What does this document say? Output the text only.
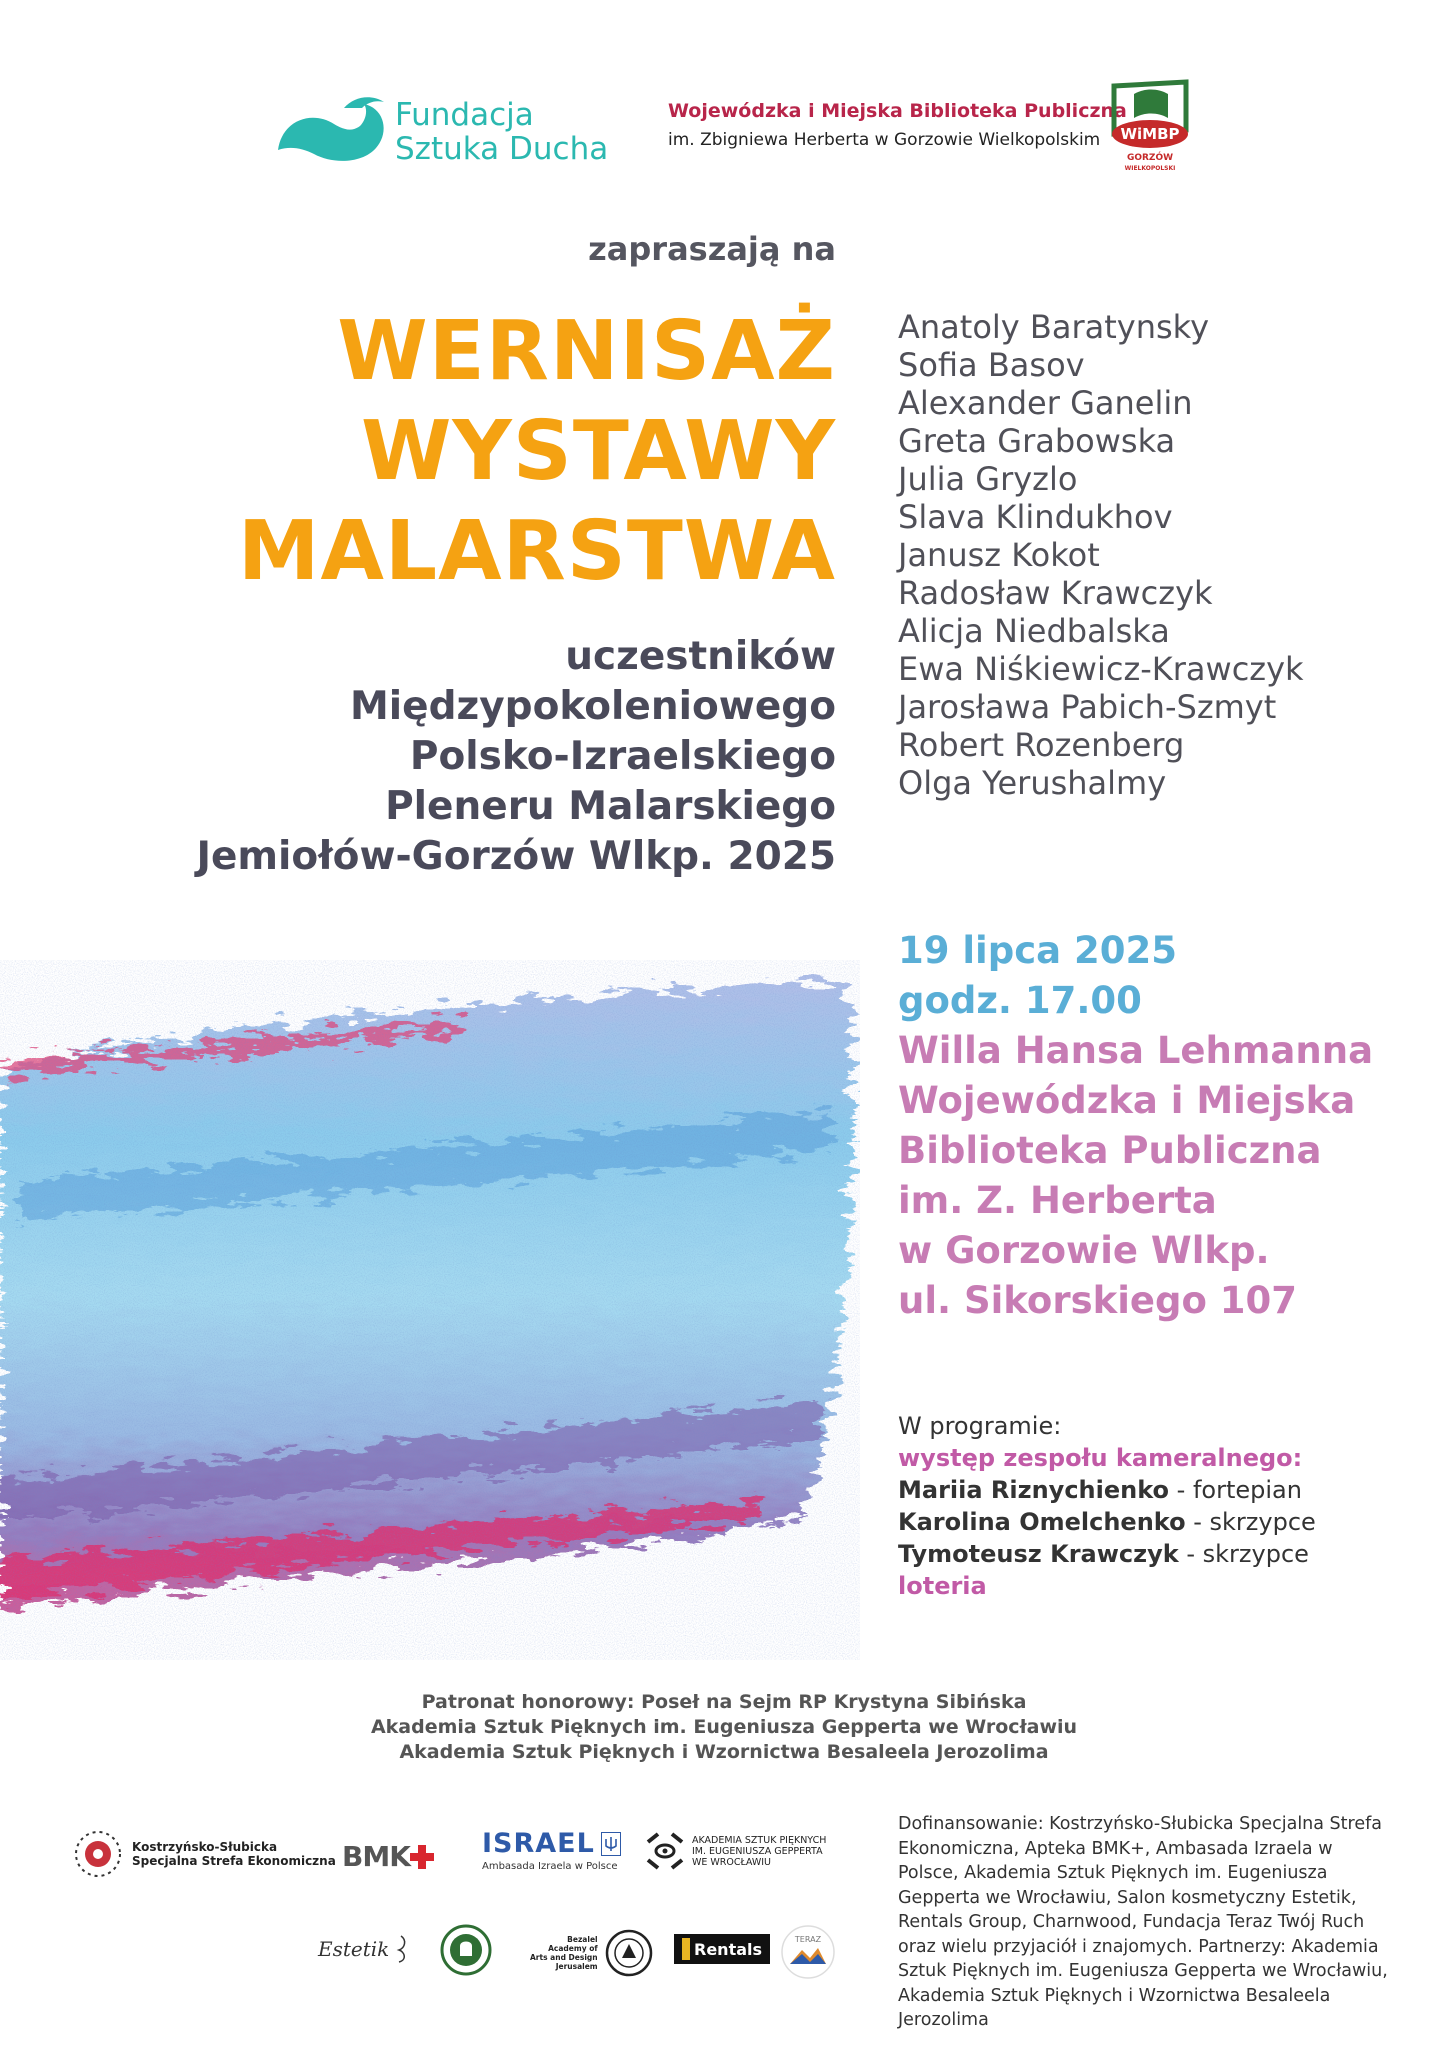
Fundacja
Sztuka Ducha
Wojewódzka i Miejska Biblioteka Publiczna
im. Zbigniewa Herberta w Gorzowie Wielkopolskim WiMBP
GORZÓW
WIELKOPOLSKI
zapraszają na
WERNISAŻ
WYSTAWY
MALARSTWA
uczestników
Międzypokoleniowego
Polsko-Izraelskiego
Pleneru Malarskiego
Jemiołów-Gorzów Wlkp. 2025
Anatoly Baratynsky
Sofia Basov
Alexander Ganelin
Greta Grabowska
Julia Gryzlo
Slava Klindukhov
Janusz Kokot
Radosław Krawczyk
Alicja Niedbalska
Ewa Niśkiewicz-Krawczyk
Jarosława Pabich-Szmyt
Robert Rozenberg
Olga Yerushalmy
19 lipca 2025
godz. 17.00
Willa Hansa Lehmanna
Wojewódzka i Miejska
Biblioteka Publiczna
im. Z. Herberta
w Gorzowie Wlkp.
ul. Sikorskiego 107
W programie:
występ zespołu kameralnego:
Mariia Riznychienko - fortepian
Karolina Omelchenko - skrzypce
Tymoteusz Krawczyk - skrzypce
loteria
Patronat honorowy: Poseł na Sejm RP Krystyna Sibińska
Akademia Sztuk Pięknych im. Eugeniusza Gepperta we Wrocławiu
Akademia Sztuk Pięknych i Wzornictwa Besaleela Jerozolima
Kostrzyńsko-Słubicka
Specjalna Strefa Ekonomiczna BMK	ISRAEL
Ambasada Izraela w Polsce
AKADEMIA SZTUK PIĘKNYCH
IM. EUGENIUSZA GEPPERTA
WE WROCŁAWIU
Estetik	Bezalel
Academy of
Arts and Design
Jerusalem
Rentals	TERAZ
Dofinansowanie: Kostrzyńsko-Słubicka Specjalna Strefa Ekonomiczna, Apteka BMK+, Ambasada Izraela w Polsce, Akademia Sztuk Pięknych im. Eugeniusza Gepperta we Wrocławiu, Salon kosmetyczny Estetik, Rentals Group, Charnwood, Fundacja Teraz Twój Ruch oraz wielu przyjaciół i znajomych. Partnerzy: Akademia Sztuk Pięknych im. Eugeniusza Gepperta we Wrocławiu, Akademia Sztuk Pięknych i Wzornictwa Besaleela Jerozolima
